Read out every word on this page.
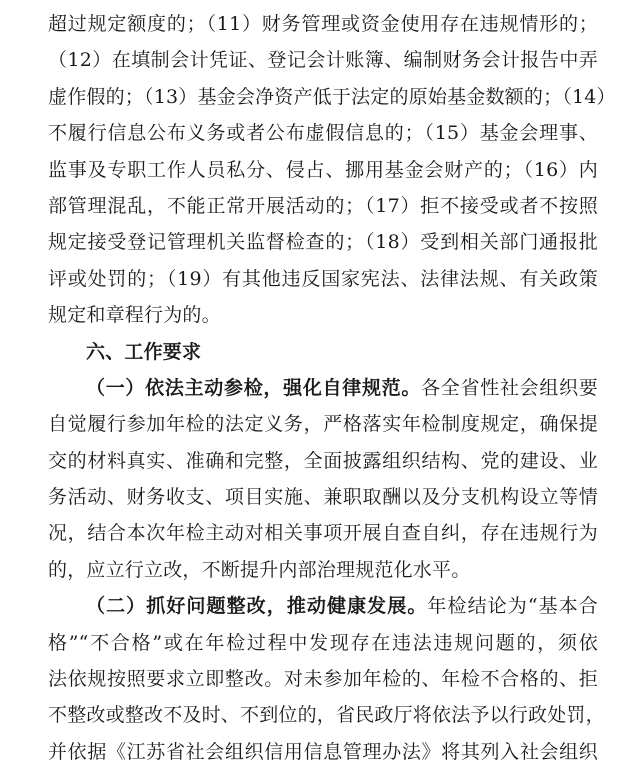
超过规定额度的；（11）财务管理或资金使用存在违规情形的；
（12）在填制会计凭证、登记会计账簿、编制财务会计报告中弄
虚作假的；（13）基金会净资产低于法定的原始基金数额的；（14）
不履行信息公布义务或者公布虚假信息的；（15）基金会理事、
监事及专职工作人员私分、侵占、挪用基金会财产的；（16）内
部管理混乱，不能正常开展活动的；（17）拒不接受或者不按照
规定接受登记管理机关监督检查的；（18）受到相关部门通报批
评或处罚的；（19）有其他违反国家宪法、法律法规、有关政策
规定和章程行为的。
六、工作要求
（一）依法主动参检，强化自律规范。各全省性社会组织要
自觉履行参加年检的法定义务，严格落实年检制度规定，确保提
交的材料真实、准确和完整，全面披露组织结构、党的建设、业
务活动、财务收支、项目实施、兼职取酬以及分支机构设立等情
况，结合本次年检主动对相关事项开展自查自纠，存在违规行为
的，应立行立改，不断提升内部治理规范化水平。
（二）抓好问题整改，推动健康发展。年检结论为“基本合
格”“不合格”或在年检过程中发现存在违法违规问题的，须依
法依规按照要求立即整改。对未参加年检的、年检不合格的、拒
不整改或整改不及时、不到位的，省民政厅将依法予以行政处罚，
并依据《江苏省社会组织信用信息管理办法》将其列入社会组织
